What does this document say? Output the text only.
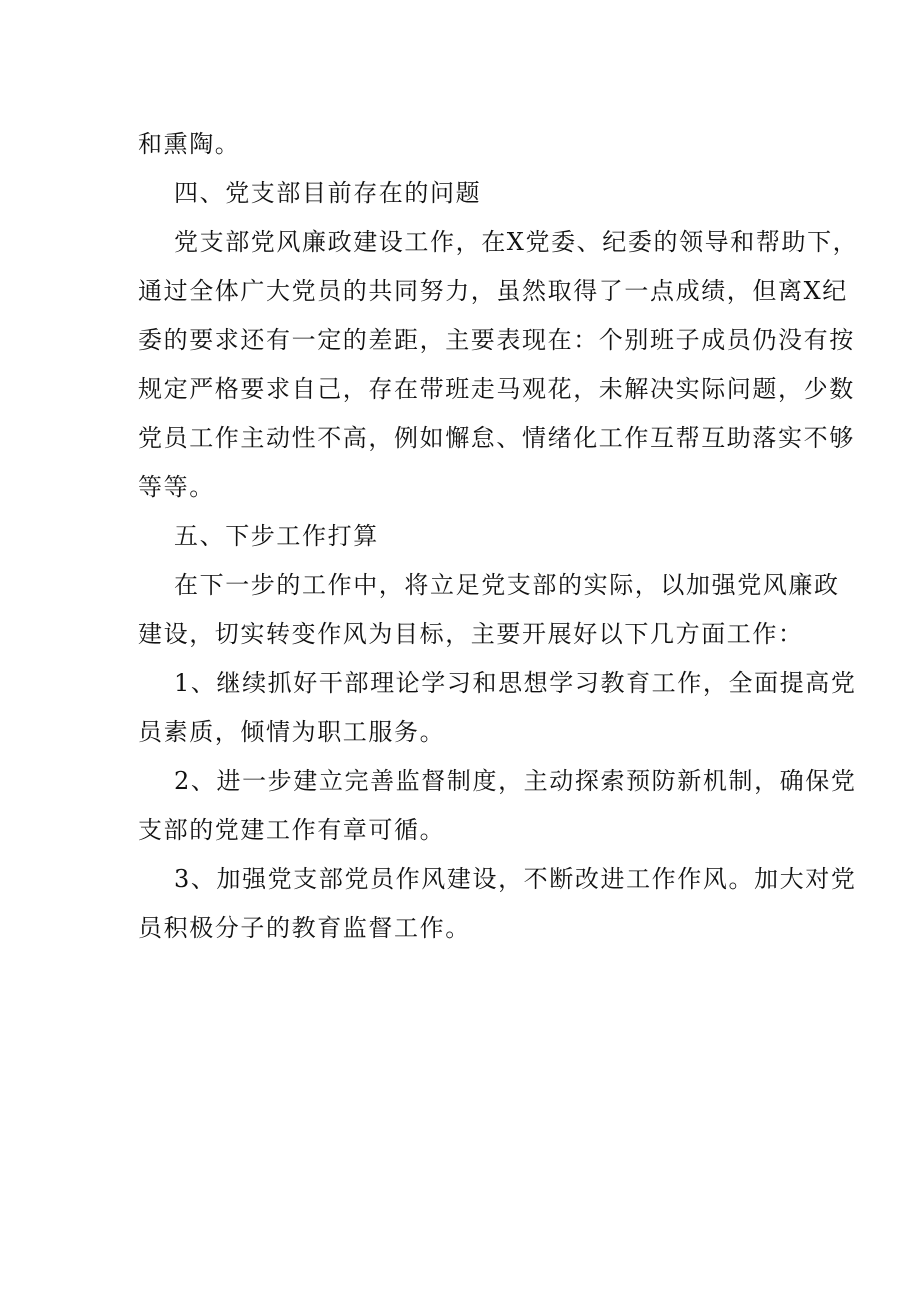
和熏陶。
四、党支部目前存在的问题
党支部党风廉政建设工作，在X党委、纪委的领导和帮助下，
通过全体广大党员的共同努力，虽然取得了一点成绩，但离X纪
委的要求还有一定的差距，主要表现在：个别班子成员仍没有按
规定严格要求自己，存在带班走马观花，未解决实际问题，少数
党员工作主动性不高，例如懈怠、情绪化工作互帮互助落实不够
等等。
五、下步工作打算
在下一步的工作中，将立足党支部的实际，以加强党风廉政
建设，切实转变作风为目标，主要开展好以下几方面工作：
1、继续抓好干部理论学习和思想学习教育工作，全面提高党
员素质，倾情为职工服务。
2、进一步建立完善监督制度，主动探索预防新机制，确保党
支部的党建工作有章可循。
3、加强党支部党员作风建设，不断改进工作作风。加大对党
员积极分子的教育监督工作。
